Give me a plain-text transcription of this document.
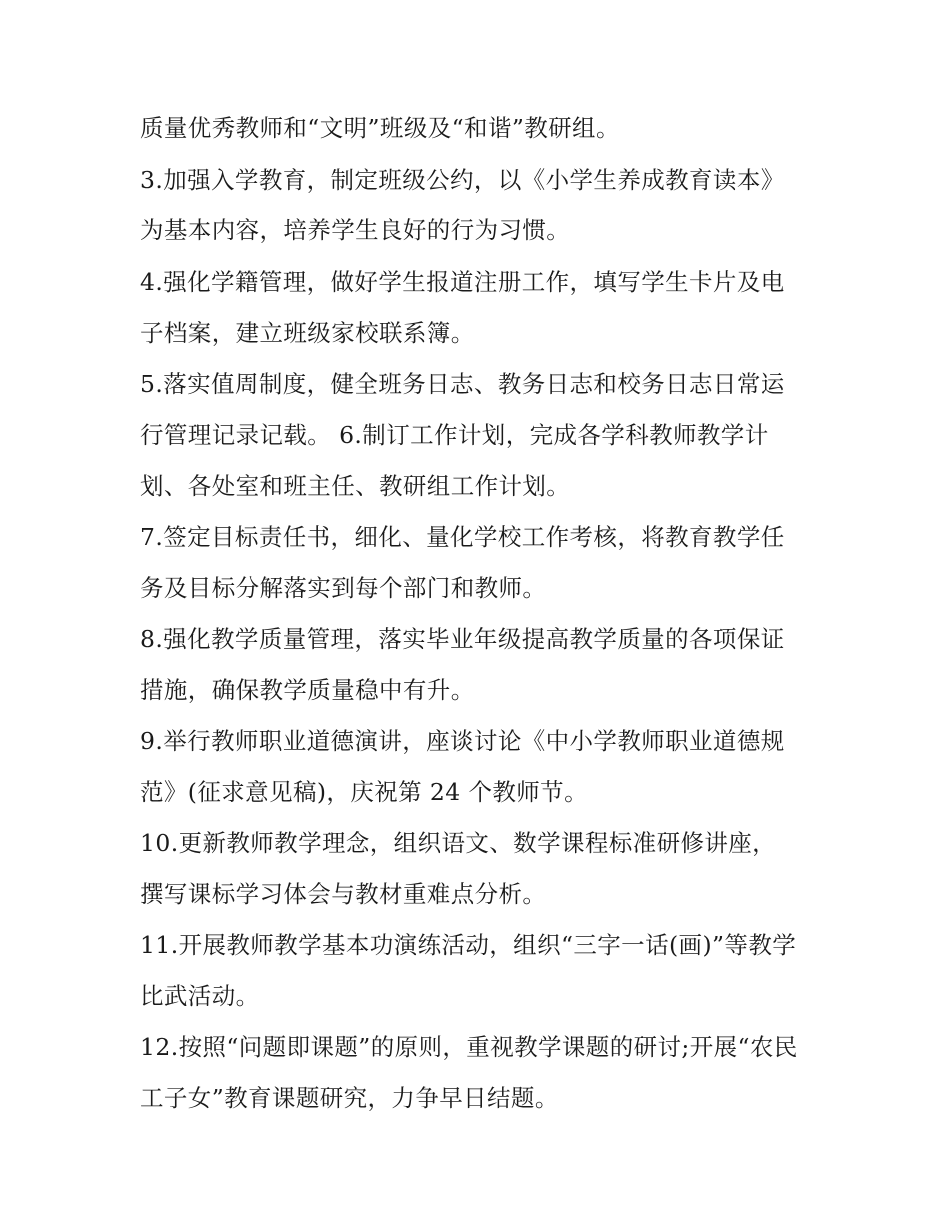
质量优秀教师和“文明”班级及“和谐”教研组。
3.加强入学教育，制定班级公约，以《小学生养成教育读本》
为基本内容，培养学生良好的行为习惯。
4.强化学籍管理，做好学生报道注册工作，填写学生卡片及电
子档案，建立班级家校联系簿。
5.落实值周制度，健全班务日志、教务日志和校务日志日常运
行管理记录记载。 6.制订工作计划，完成各学科教师教学计
划、各处室和班主任、教研组工作计划。
7.签定目标责任书，细化、量化学校工作考核，将教育教学任
务及目标分解落实到每个部门和教师。
8.强化教学质量管理，落实毕业年级提高教学质量的各项保证
措施，确保教学质量稳中有升。
9.举行教师职业道德演讲，座谈讨论《中小学教师职业道德规
范》(征求意见稿)，庆祝第 24 个教师节。
10.更新教师教学理念，组织语文、数学课程标准研修讲座，
撰写课标学习体会与教材重难点分析。
11.开展教师教学基本功演练活动，组织“三字一话(画)”等教学
比武活动。
12.按照“问题即课题”的原则，重视教学课题的研讨;开展“农民
工子女”教育课题研究，力争早日结题。
